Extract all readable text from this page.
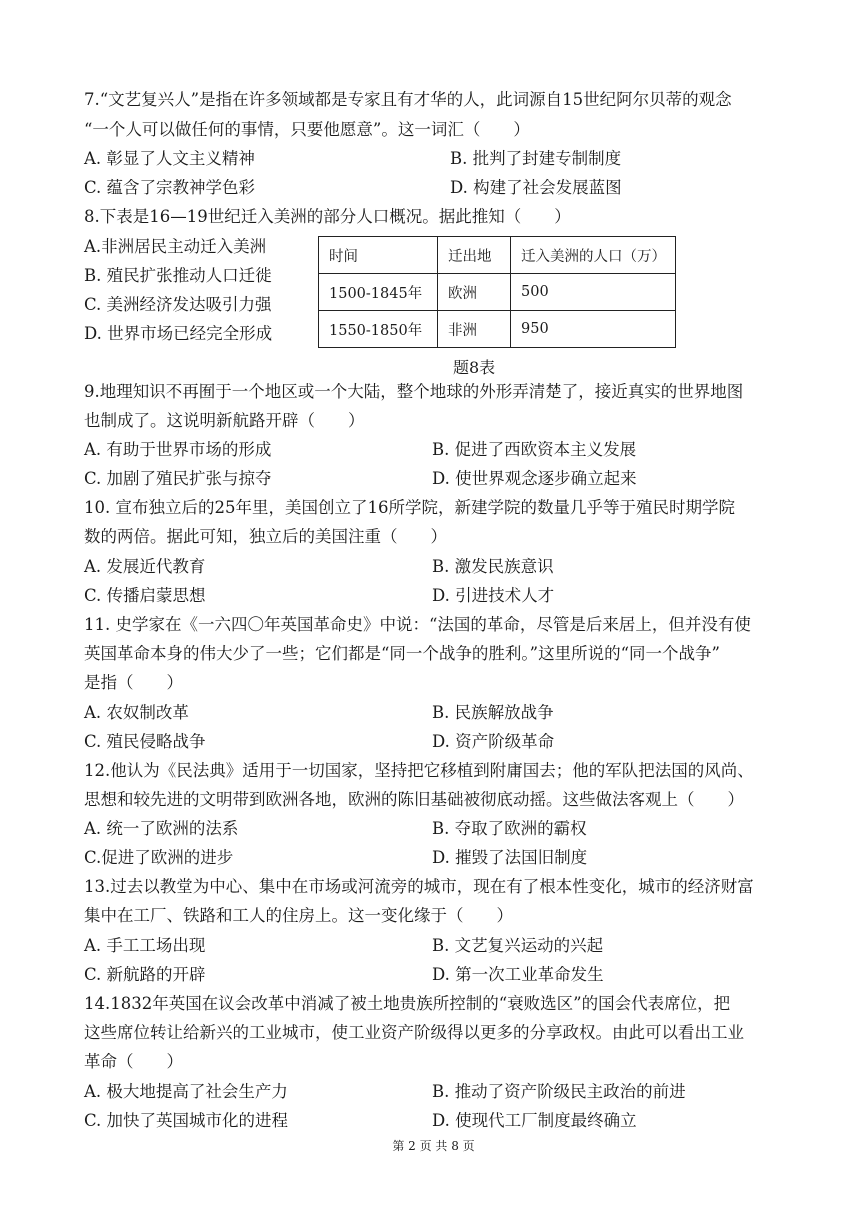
7.“文艺复兴人”是指在许多领域都是专家且有才华的人，此词源自15世纪阿尔贝蒂的观念
“一个人可以做任何的事情，只要他愿意”。这一词汇（　　）
A. 彰显了人文主义精神	B. 批判了封建专制制度
C. 蕴含了宗教神学色彩	D. 构建了社会发展蓝图
8.下表是16—19世纪迁入美洲的部分人口概况。据此推知（　　）
A.非洲居民主动迁入美洲
B. 殖民扩张推动人口迁徙
C. 美洲经济发达吸引力强
D. 世界市场已经完全形成
时间	迁出地	迁入美洲的人口（万）
1500-1845年	欧洲	500
1550-1850年	非洲	950
题8表
9.地理知识不再囿于一个地区或一个大陆，整个地球的外形弄清楚了，接近真实的世界地图
也制成了。这说明新航路开辟（　　）
A. 有助于世界市场的形成	B. 促进了西欧资本主义发展
C. 加剧了殖民扩张与掠夺	D. 使世界观念逐步确立起来
10. 宣布独立后的25年里，美国创立了16所学院，新建学院的数量几乎等于殖民时期学院
数的两倍。据此可知，独立后的美国注重（　　）
A. 发展近代教育	B. 激发民族意识
C. 传播启蒙思想	D. 引进技术人才
11. 史学家在《一六四〇年英国革命史》中说：“法国的革命，尽管是后来居上，但并没有使
英国革命本身的伟大少了一些；它们都是“同一个战争的胜利。”这里所说的“同一个战争”
是指（　　）
A. 农奴制改革	B. 民族解放战争
C. 殖民侵略战争	D. 资产阶级革命
12.他认为《民法典》适用于一切国家，坚持把它移植到附庸国去；他的军队把法国的风尚、
思想和较先进的文明带到欧洲各地，欧洲的陈旧基础被彻底动摇。这些做法客观上（　　）
A. 统一了欧洲的法系	B. 夺取了欧洲的霸权
C.促进了欧洲的进步	D. 摧毁了法国旧制度
13.过去以教堂为中心、集中在市场或河流旁的城市，现在有了根本性变化，城市的经济财富
集中在工厂、铁路和工人的住房上。这一变化缘于（　　）
A. 手工工场出现	B. 文艺复兴运动的兴起
C. 新航路的开辟	D. 第一次工业革命发生
14.1832年英国在议会改革中消减了被土地贵族所控制的“衰败选区”的国会代表席位，把
这些席位转让给新兴的工业城市，使工业资产阶级得以更多的分享政权。由此可以看出工业
革命（　　）
A. 极大地提高了社会生产力	B. 推动了资产阶级民主政治的前进
C. 加快了英国城市化的进程	D. 使现代工厂制度最终确立
第 2 页 共 8 页
